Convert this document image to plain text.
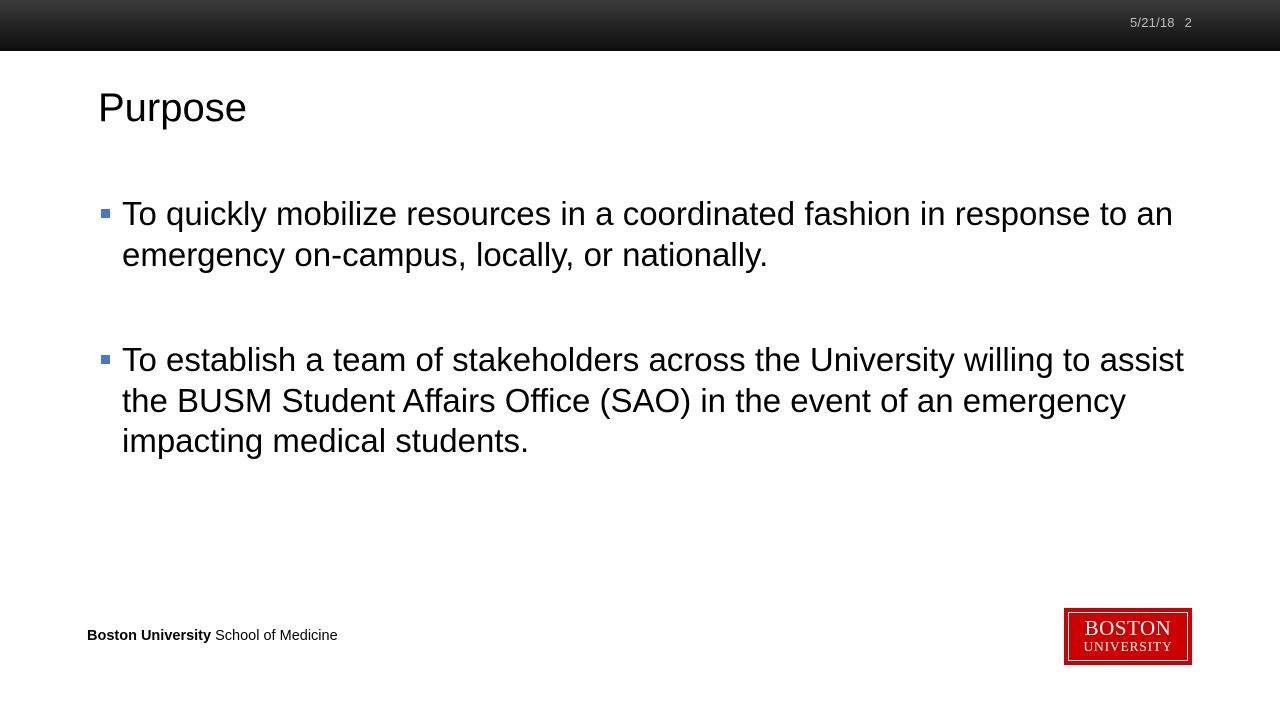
5/21/18 2
Purpose
To quickly mobilize resources in a coordinated fashion in response to an emergency on-campus, locally, or nationally.
To establish a team of stakeholders across the University willing to assist the BUSM Student Affairs Office (SAO) in the event of an emergency impacting medical students.
Boston University School of Medicine	BOSTON
UNIVERSITY
